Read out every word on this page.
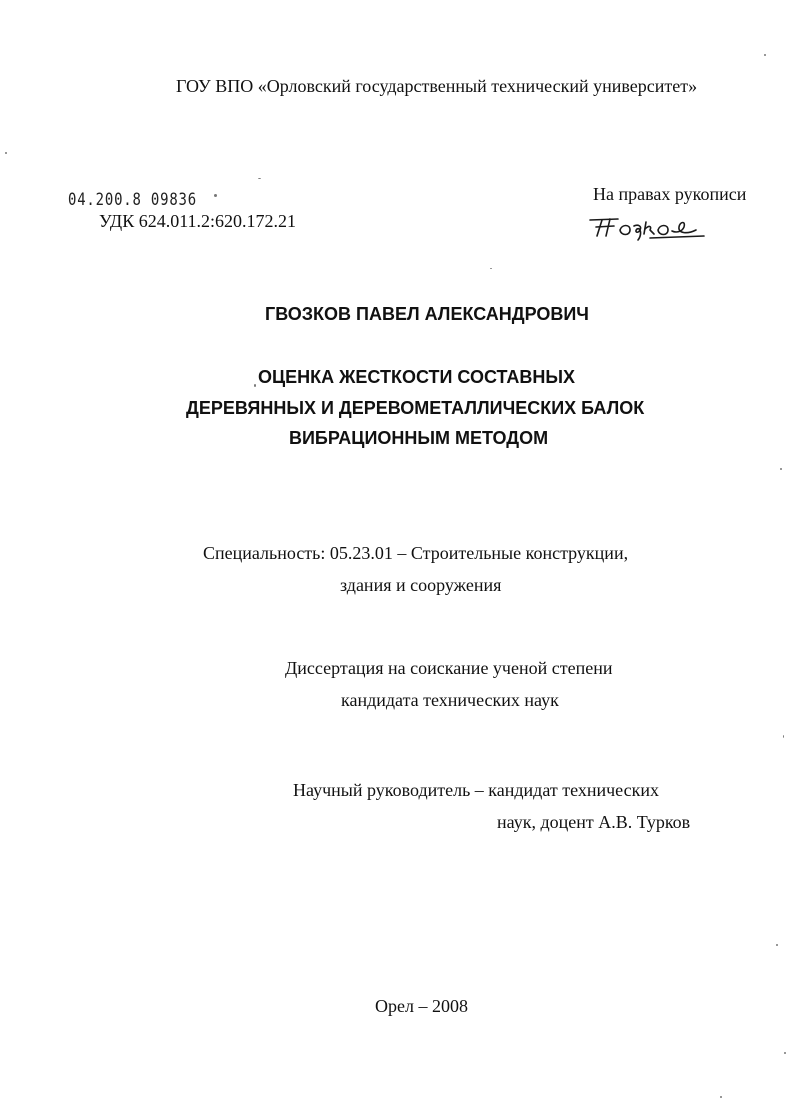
ГОУ ВПО «Орловский государственный технический университет»
04.200.8 09836
УДК 624.011.2:620.172.21
На правах рукописи
ГВОЗКОВ ПАВЕЛ АЛЕКСАНДРОВИЧ
ОЦЕНКА ЖЕСТКОСТИ СОСТАВНЫХ
ДЕРЕВЯННЫХ И ДЕРЕВОМЕТАЛЛИЧЕСКИХ БАЛОК
ВИБРАЦИОННЫМ МЕТОДОМ
Специальность: 05.23.01 – Строительные конструкции,
здания и сооружения
Диссертация на соискание ученой степени
кандидата технических наук
Научный руководитель – кандидат технических
наук, доцент А.В. Турков
Орел – 2008
